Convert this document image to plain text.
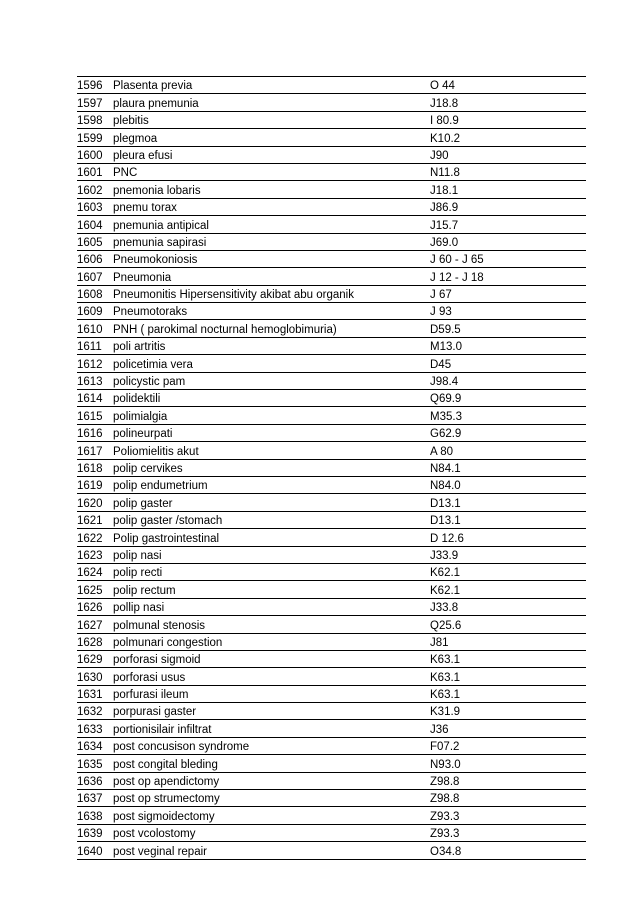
1596	Plasenta previa	O 44
1597	plaura pnemunia	J18.8
1598	plebitis	I 80.9
1599	plegmoa	K10.2
1600	pleura efusi	J90
1601	PNC	N11.8
1602	pnemonia lobaris	J18.1
1603	pnemu torax	J86.9
1604	pnemunia antipical	J15.7
1605	pnemunia sapirasi	J69.0
1606	Pneumokoniosis	J 60 - J 65
1607	Pneumonia	J 12 - J 18
1608	Pneumonitis Hipersensitivity akibat abu organik	J 67
1609	Pneumotoraks	J 93
1610	PNH ( parokimal nocturnal hemoglobimuria)	D59.5
1611	poli artritis	M13.0
1612	policetimia vera	D45
1613	policystic pam	J98.4
1614	polidektili	Q69.9
1615	polimialgia	M35.3
1616	polineurpati	G62.9
1617	Poliomielitis akut	A 80
1618	polip cervikes	N84.1
1619	polip endumetrium	N84.0
1620	polip gaster	D13.1
1621	polip gaster /stomach	D13.1
1622	Polip gastrointestinal	D 12.6
1623	polip nasi	J33.9
1624	polip recti	K62.1
1625	polip rectum	K62.1
1626	pollip nasi	J33.8
1627	polmunal stenosis	Q25.6
1628	polmunari congestion	J81
1629	porforasi sigmoid	K63.1
1630	porforasi usus	K63.1
1631	porfurasi ileum	K63.1
1632	porpurasi gaster	K31.9
1633	portionisilair infiltrat	J36
1634	post concusison syndrome	F07.2
1635	post congital bleding	N93.0
1636	post op apendictomy	Z98.8
1637	post op strumectomy	Z98.8
1638	post sigmoidectomy	Z93.3
1639	post vcolostomy	Z93.3
1640	post veginal repair	O34.8
